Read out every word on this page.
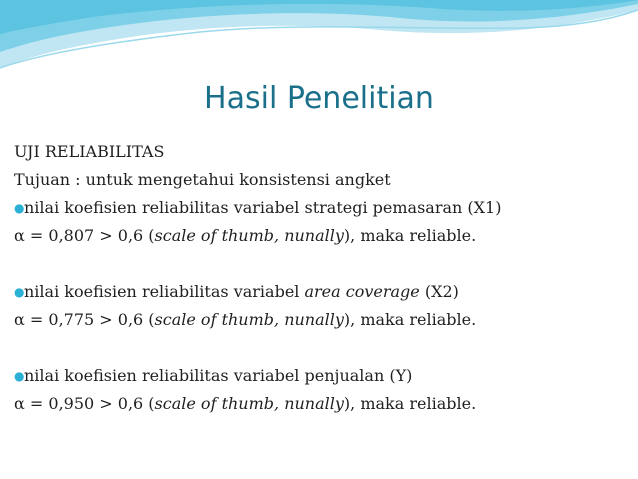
Hasil Penelitian
UJI RELIABILITAS
Tujuan : untuk mengetahui konsistensi angket
●nilai koefisien reliabilitas variabel strategi pemasaran (X1)
α = 0,807 > 0,6 (scale of thumb, nunally), maka reliable.
●nilai koefisien reliabilitas variabel area coverage (X2)
α = 0,775 > 0,6 (scale of thumb, nunally), maka reliable.
●nilai koefisien reliabilitas variabel penjualan (Y)
α = 0,950 > 0,6 (scale of thumb, nunally), maka reliable.
